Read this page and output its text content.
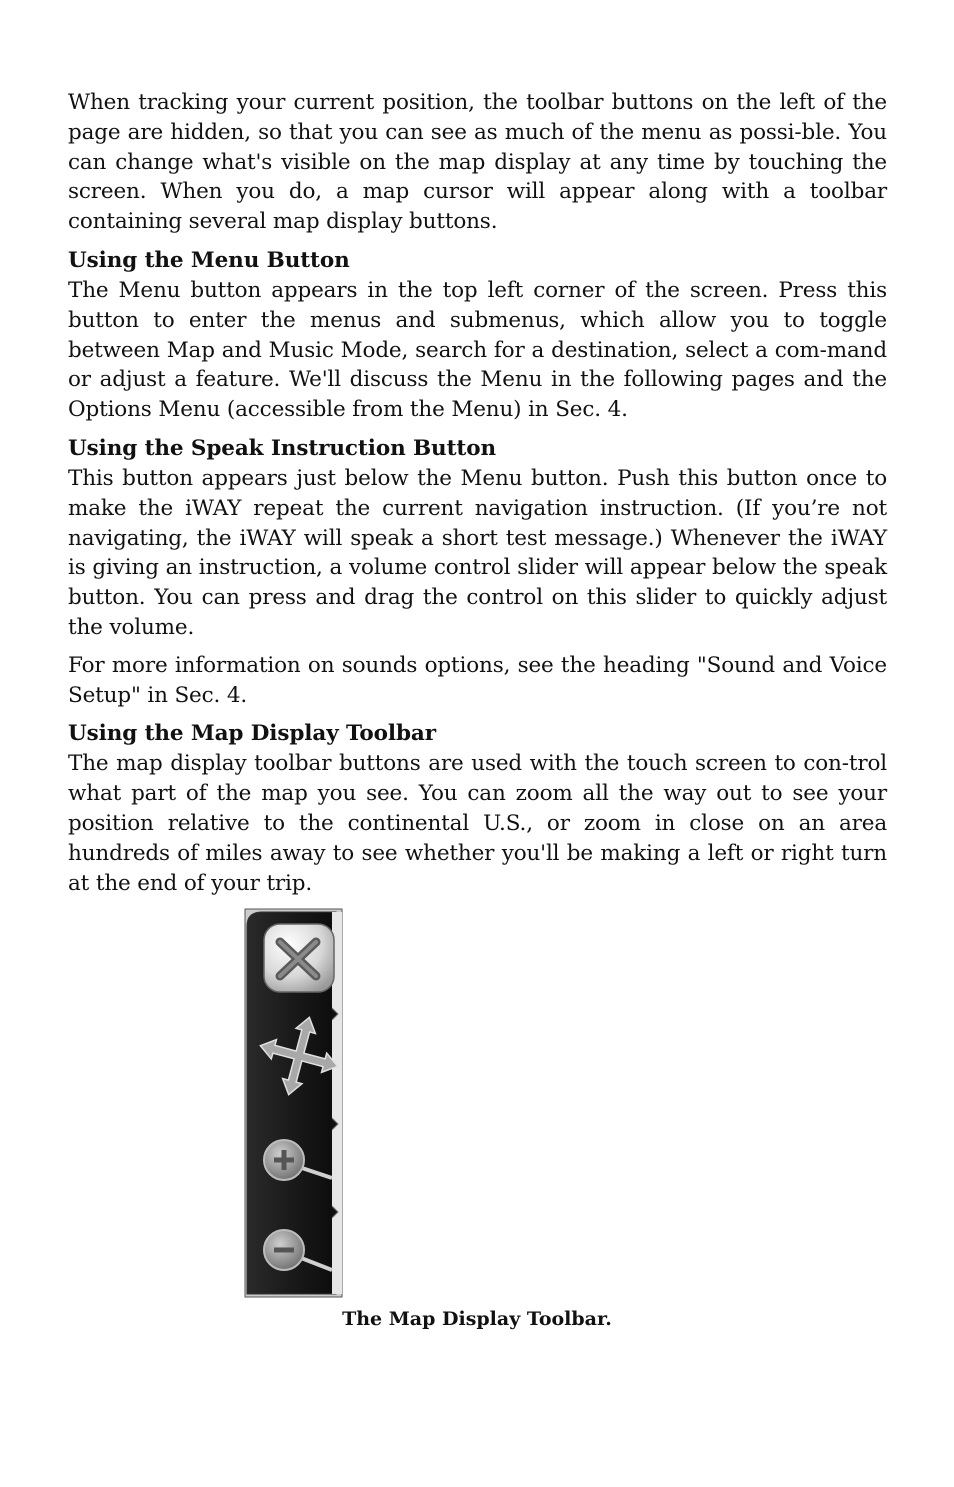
When tracking your current position, the toolbar buttons on the left of the page are hidden, so that you can see as much of the menu as possi-ble. You can change what's visible on the map display at any time by touching the screen. When you do, a map cursor will appear along with a toolbar containing several map display buttons.

Using the Menu Button

The Menu button appears in the top left corner of the screen. Press this button to enter the menus and submenus, which allow you to toggle between Map and Music Mode, search for a destination, select a com-mand or adjust a feature. We'll discuss the Menu in the following pages and the Options Menu (accessible from the Menu) in Sec. 4.

Using the Speak Instruction Button

This button appears just below the Menu button. Push this button once to make the iWAY repeat the current navigation instruction. (If you’re not navigating, the iWAY will speak a short test message.) Whenever the iWAY is giving an instruction, a volume control slider will appear below the speak button. You can press and drag the control on this slider to quickly adjust the volume.

For more information on sounds options, see the heading "Sound and Voice Setup" in Sec. 4.

Using the Map Display Toolbar

The map display toolbar buttons are used with the touch screen to con-trol what part of the map you see. You can zoom all the way out to see your position relative to the continental U.S., or zoom in close on an area hundreds of miles away to see whether you'll be making a left or right turn at the end of your trip.

The Map Display Toolbar.
